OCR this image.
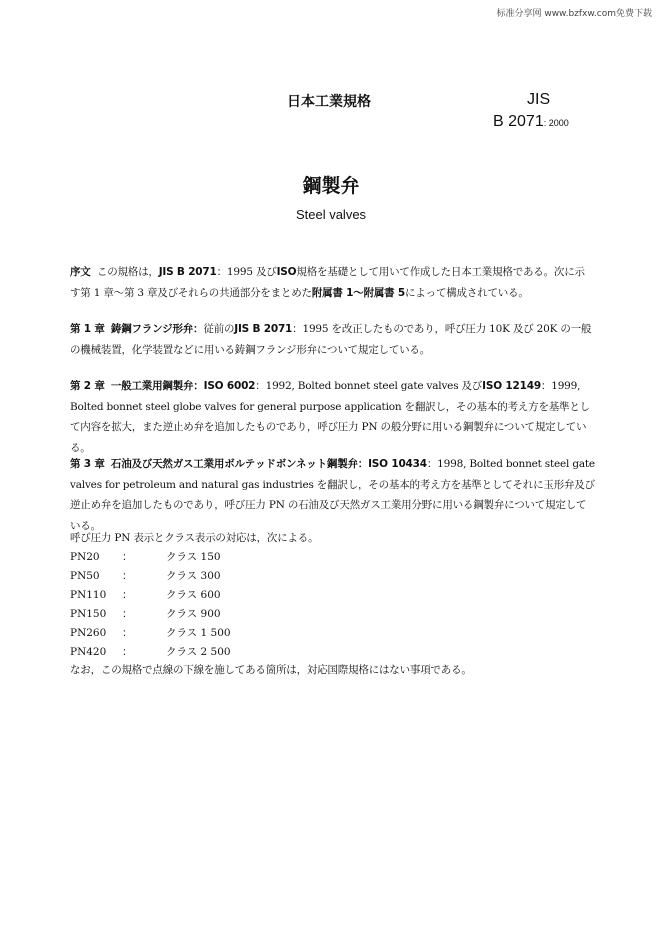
标准分享网 www.bzfxw.com免费下载
日本工業規格	JIS
B 2071: 2000
鋼製弁
Steel valves
序文 この規格は，JIS B 2071：1995 及びISO規格を基礎として用いて作成した日本工業規格である。次に示す第 1 章〜第 3 章及びそれらの共通部分をまとめた附属書 1〜附属書 5によって構成されている。
第 1 章 鋳鋼フランジ形弁：従前のJIS B 2071：1995 を改正したものであり，呼び圧力 10K 及び 20K の一般の機械装置，化学装置などに用いる鋳鋼フランジ形弁について規定している。
第 2 章 一般工業用鋼製弁：ISO 6002：1992, Bolted bonnet steel gate valves 及びISO 12149：1999, Bolted bonnet steel globe valves for general purpose application を翻訳し，その基本的考え方を基準として内容を拡大，また逆止め弁を追加したものであり，呼び圧力 PN の般分野に用いる鋼製弁について規定している。
第 3 章 石油及び天然ガス工業用ボルテッドボンネット鋼製弁：ISO 10434：1998, Bolted bonnet steel gate valves for petroleum and natural gas industries を翻訳し，その基本的考え方を基準としてそれに玉形弁及び逆止め弁を追加したものであり，呼び圧力 PN の石油及び天然ガス工業用分野に用いる鋼製弁について規定している。
呼び圧力 PN 表示とクラス表示の対応は，次による。
PN20 ：	クラス 150
PN50 ：	クラス 300
PN110 ：	クラス 600
PN150 ：	クラス 900
PN260 ：	クラス 1 500
PN420 ：	クラス 2 500
なお，この規格で点線の下線を施してある箇所は，対応国際規格にはない事項である。
